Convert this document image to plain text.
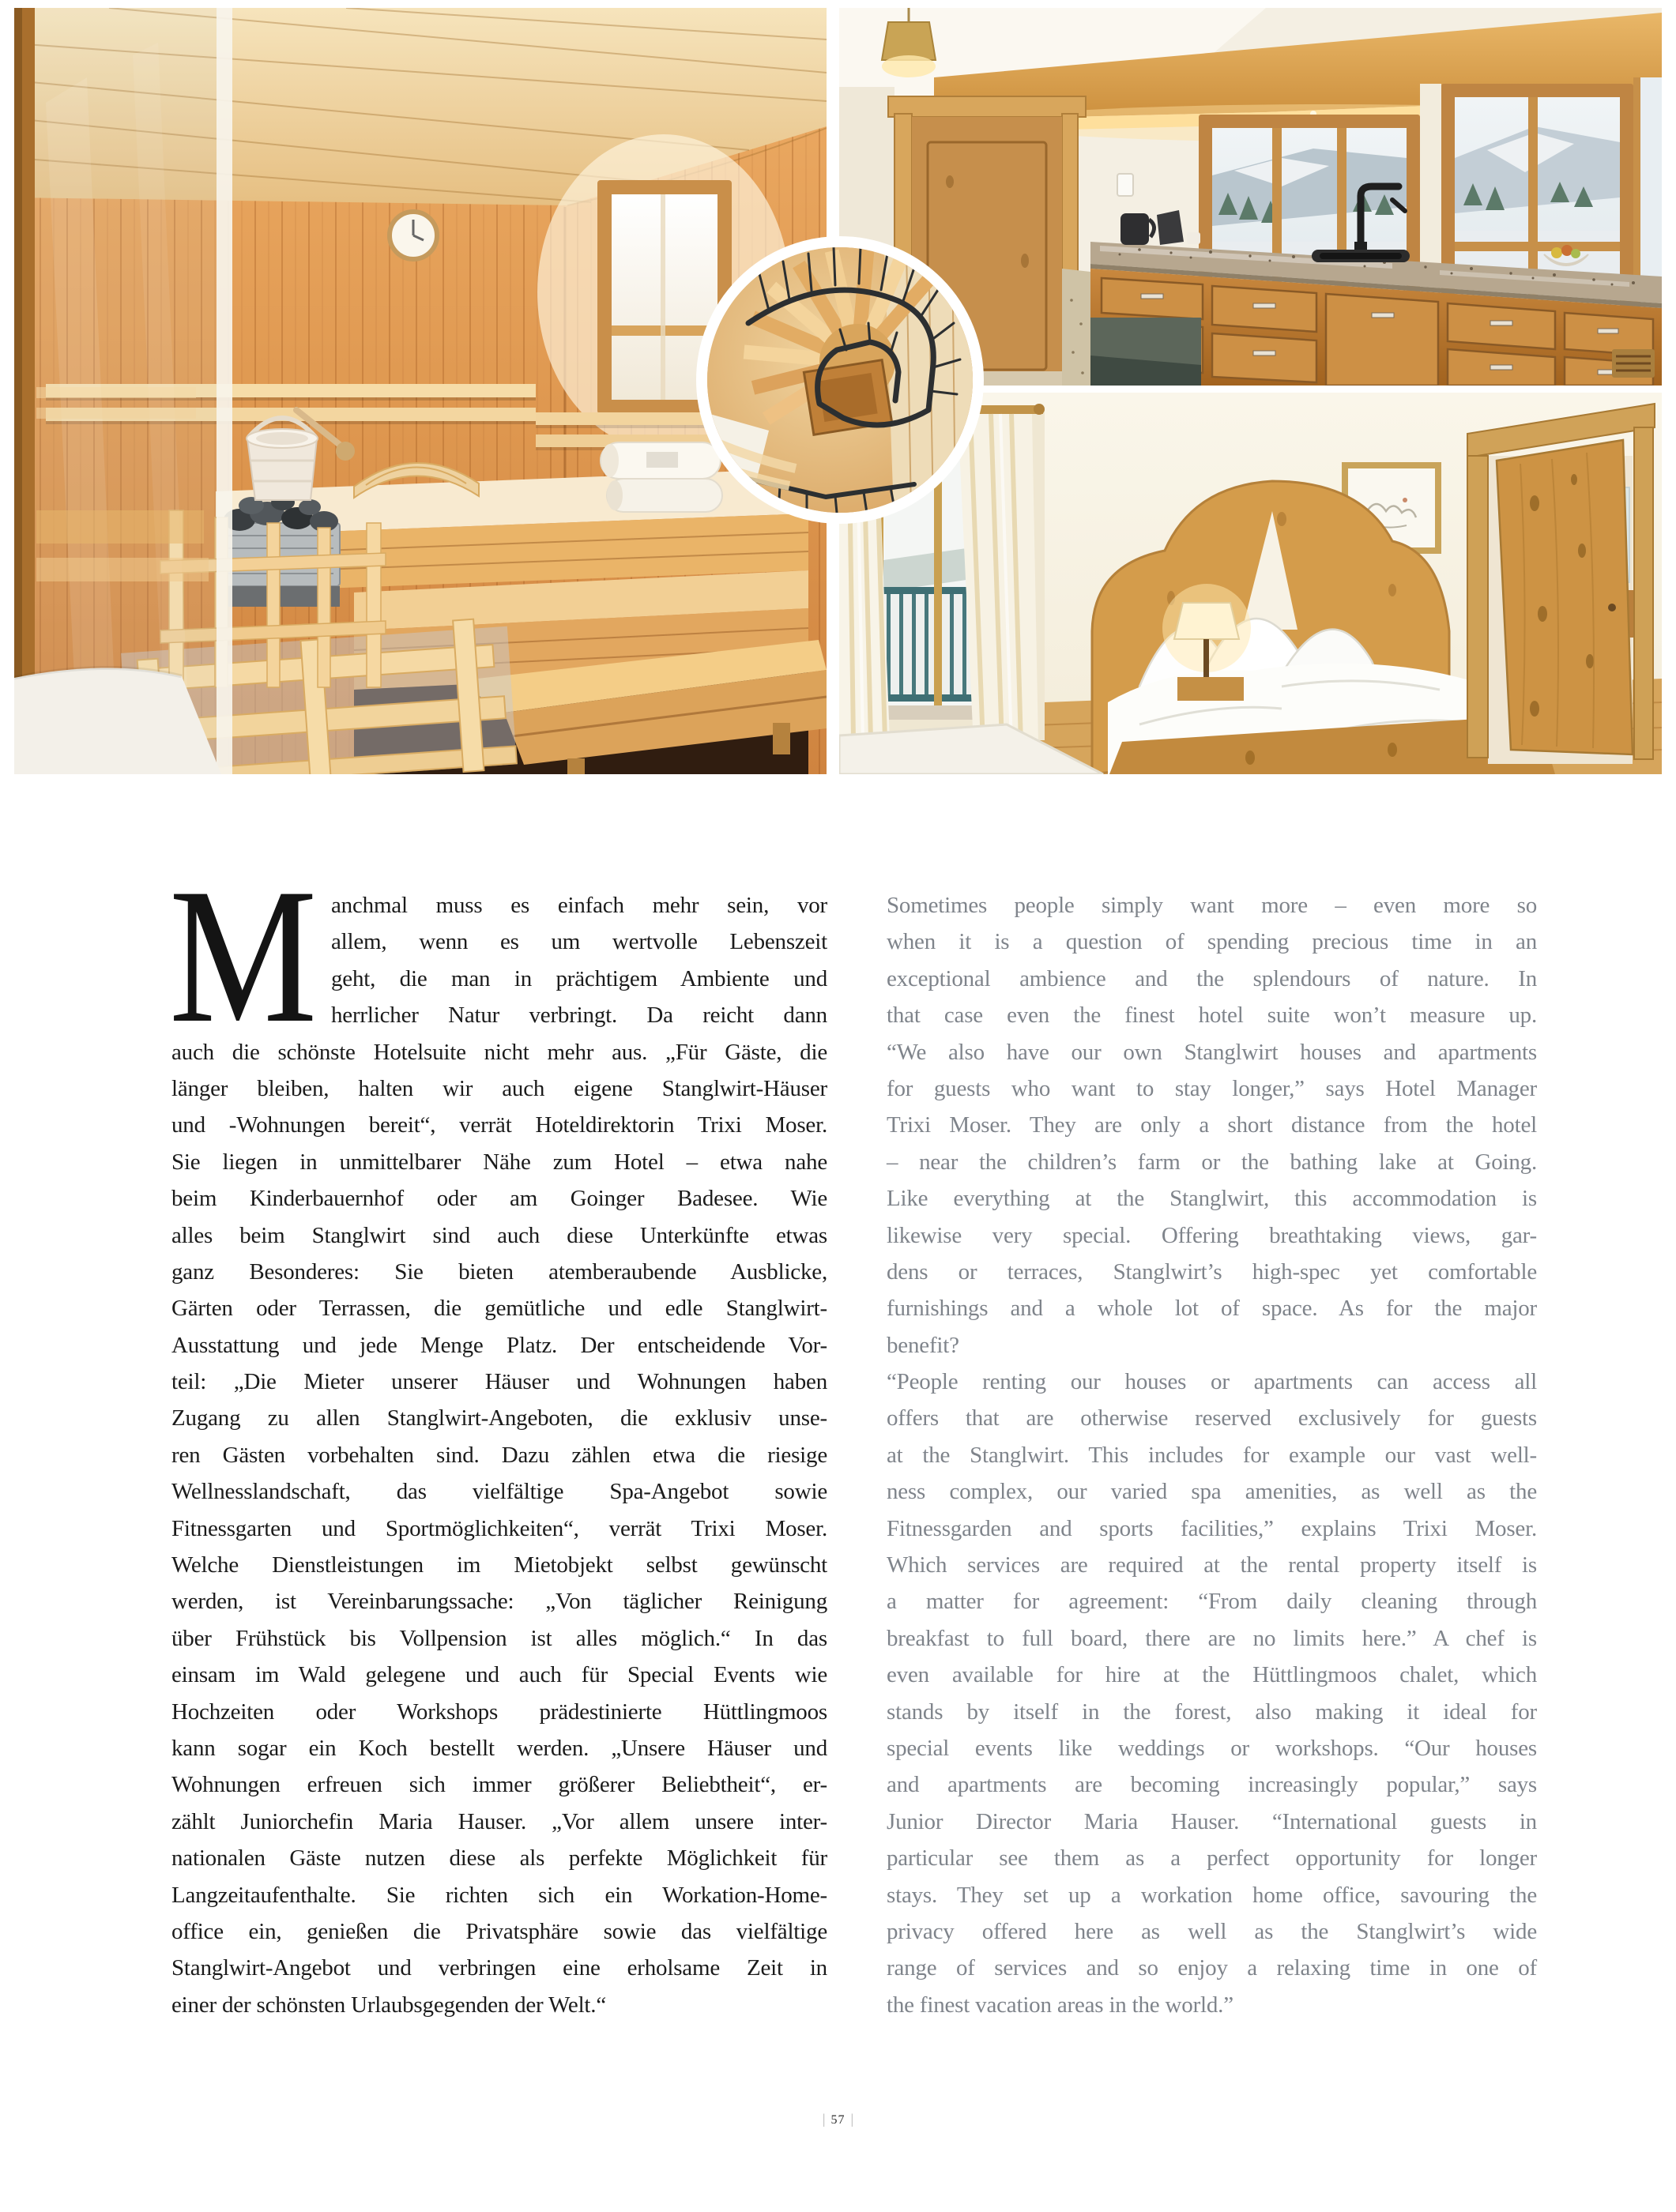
M anchmal muss es einfach mehr sein, vor
allem, wenn es um wertvolle Lebenszeit
geht, die man in prächtigem Ambiente und
herrlicher Natur verbringt. Da reicht dann
auch die schönste Hotelsuite nicht mehr aus. „Für Gäste, die
länger bleiben, halten wir auch eigene Stanglwirt-Häuser
und -Wohnungen bereit“, verrät Hoteldirektorin Trixi Moser.
Sie liegen in unmittelbarer Nähe zum Hotel – etwa nahe
beim Kinderbauernhof oder am Goinger Badesee. Wie
alles beim Stanglwirt sind auch diese Unterkünfte etwas
ganz Besonderes: Sie bieten atemberaubende Ausblicke,
Gärten oder Terrassen, die gemütliche und edle Stanglwirt-
Ausstattung und jede Menge Platz. Der entscheidende Vor-
teil: „Die Mieter unserer Häuser und Wohnungen haben
Zugang zu allen Stanglwirt-Angeboten, die exklusiv unse-
ren Gästen vorbehalten sind. Dazu zählen etwa die riesige
Wellnesslandschaft, das vielfältige Spa-Angebot sowie
Fitnessgarten und Sportmöglichkeiten“, verrät Trixi Moser.
Welche Dienstleistungen im Mietobjekt selbst gewünscht
werden, ist Vereinbarungssache: „Von täglicher Reinigung
über Frühstück bis Vollpension ist alles möglich.“ In das
einsam im Wald gelegene und auch für Special Events wie
Hochzeiten oder Workshops prädestinierte Hüttlingmoos
kann sogar ein Koch bestellt werden. „Unsere Häuser und
Wohnungen erfreuen sich immer größerer Beliebtheit“, er-
zählt Juniorchefin Maria Hauser. „Vor allem unsere inter-
nationalen Gäste nutzen diese als perfekte Möglichkeit für
Langzeitaufenthalte. Sie richten sich ein Workation-Home-
office ein, genießen die Privatsphäre sowie das vielfältige
Stanglwirt-Angebot und verbringen eine erholsame Zeit in
einer der schönsten Urlaubsgegenden der Welt.“
Sometimes people simply want more – even more so
when it is a question of spending precious time in an
exceptional ambience and the splendours of nature. In
that case even the finest hotel suite won’t measure up.
“We also have our own Stanglwirt houses and apartments
for guests who want to stay longer,” says Hotel Manager
Trixi Moser. They are only a short distance from the hotel
– near the children’s farm or the bathing lake at Going.
Like everything at the Stanglwirt, this accommodation is
likewise very special. Offering breathtaking views, gar-
dens or terraces, Stanglwirt’s high-spec yet comfortable
furnishings and a whole lot of space. As for the major
benefit?
“People renting our houses or apartments can access all
offers that are otherwise reserved exclusively for guests
at the Stanglwirt. This includes for example our vast well-
ness complex, our varied spa amenities, as well as the
Fitnessgarden and sports facilities,” explains Trixi Moser.
Which services are required at the rental property itself is
a matter for agreement: “From daily cleaning through
breakfast to full board, there are no limits here.” A chef is
even available for hire at the Hüttlingmoos chalet, which
stands by itself in the forest, also making it ideal for
special events like weddings or workshops. “Our houses
and apartments are becoming increasingly popular,” says
Junior Director Maria Hauser. “International guests in
particular see them as a perfect opportunity for longer
stays. They set up a workation home office, savouring the
privacy offered here as well as the Stanglwirt’s wide
range of services and so enjoy a relaxing time in one of
the finest vacation areas in the world.”
| 57 |
